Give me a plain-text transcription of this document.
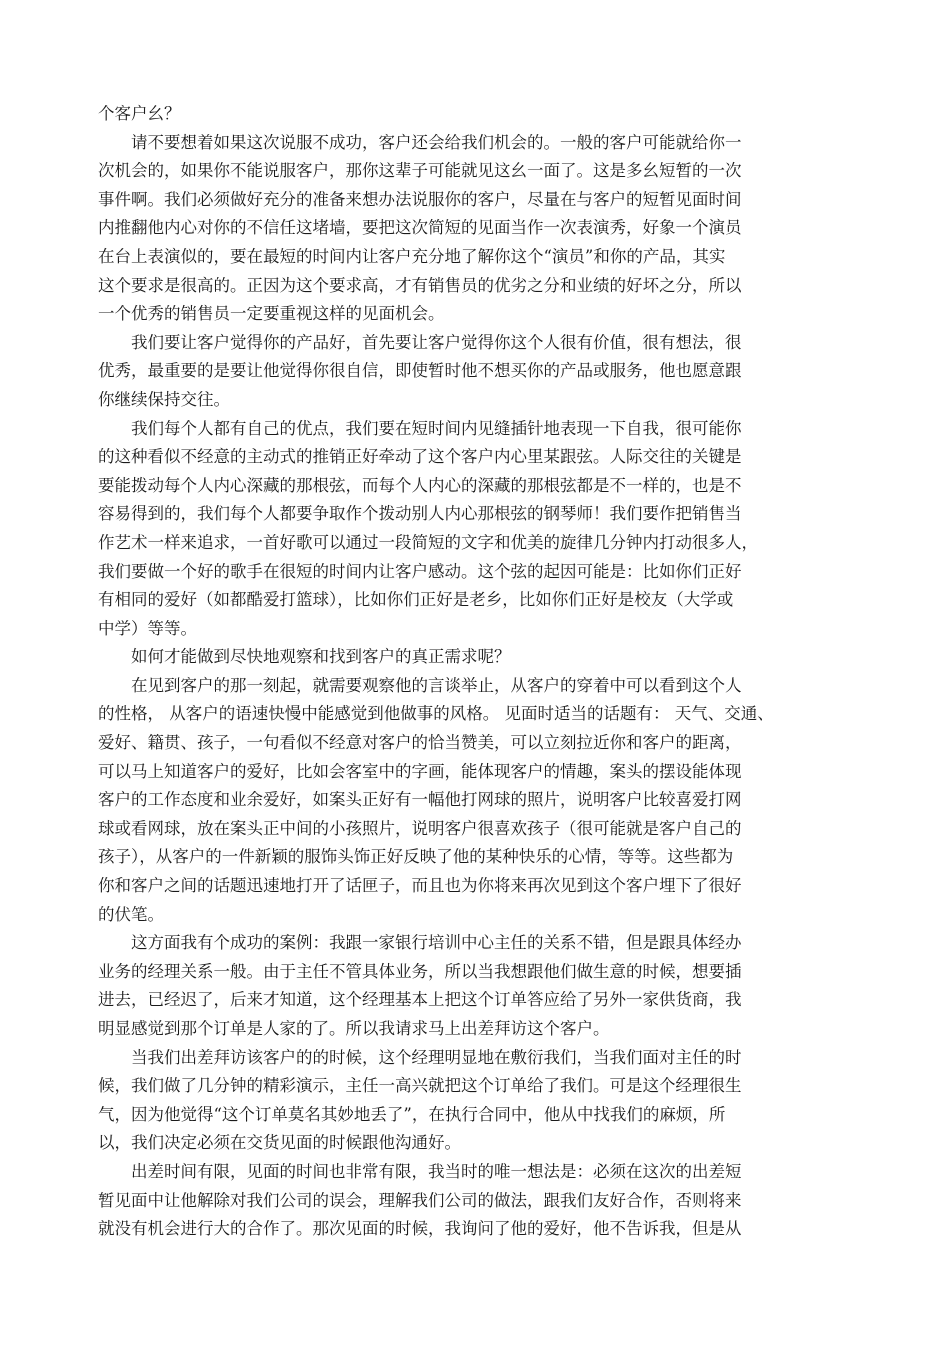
个客户幺？
　　请不要想着如果这次说服不成功，客户还会给我们机会的。一般的客户可能就给你一
次机会的，如果你不能说服客户，那你这辈子可能就见这幺一面了。这是多幺短暂的一次
事件啊。我们必须做好充分的准备来想办法说服你的客户，尽量在与客户的短暂见面时间
内推翻他内心对你的不信任这堵墙，要把这次简短的见面当作一次表演秀，好象一个演员
在台上表演似的，要在最短的时间内让客户充分地了解你这个“演员”和你的产品，其实
这个要求是很高的。正因为这个要求高，才有销售员的优劣之分和业绩的好坏之分，所以
一个优秀的销售员一定要重视这样的见面机会。
　　我们要让客户觉得你的产品好，首先要让客户觉得你这个人很有价值，很有想法，很
优秀，最重要的是要让他觉得你很自信，即使暂时他不想买你的产品或服务，他也愿意跟
你继续保持交往。
　　我们每个人都有自己的优点，我们要在短时间内见缝插针地表现一下自我，很可能你
的这种看似不经意的主动式的推销正好牵动了这个客户内心里某跟弦。人际交往的关键是
要能拨动每个人内心深藏的那根弦，而每个人内心的深藏的那根弦都是不一样的，也是不
容易得到的，我们每个人都要争取作个拨动别人内心那根弦的钢琴师！我们要作把销售当
作艺术一样来追求，一首好歌可以通过一段简短的文字和优美的旋律几分钟内打动很多人，
我们要做一个好的歌手在很短的时间内让客户感动。这个弦的起因可能是：比如你们正好
有相同的爱好（如都酷爱打篮球），比如你们正好是老乡，比如你们正好是校友（大学或
中学）等等。
　　如何才能做到尽快地观察和找到客户的真正需求呢？
　　在见到客户的那一刻起，就需要观察他的言谈举止，从客户的穿着中可以看到这个人
的性格， 从客户的语速快慢中能感觉到他做事的风格。 见面时适当的话题有： 天气、交通、
爱好、籍贯、孩子，一句看似不经意对客户的恰当赞美，可以立刻拉近你和客户的距离，
可以马上知道客户的爱好，比如会客室中的字画，能体现客户的情趣，案头的摆设能体现
客户的工作态度和业余爱好，如案头正好有一幅他打网球的照片，说明客户比较喜爱打网
球或看网球，放在案头正中间的小孩照片，说明客户很喜欢孩子（很可能就是客户自己的
孩子），从客户的一件新颖的服饰头饰正好反映了他的某种快乐的心情，等等。这些都为
你和客户之间的话题迅速地打开了话匣子，而且也为你将来再次见到这个客户埋下了很好
的伏笔。
　　这方面我有个成功的案例：我跟一家银行培训中心主任的关系不错，但是跟具体经办
业务的经理关系一般。由于主任不管具体业务，所以当我想跟他们做生意的时候，想要插
进去，已经迟了，后来才知道，这个经理基本上把这个订单答应给了另外一家供货商，我
明显感觉到那个订单是人家的了。所以我请求马上出差拜访这个客户。
　　当我们出差拜访该客户的的时候，这个经理明显地在敷衍我们，当我们面对主任的时
候，我们做了几分钟的精彩演示，主任一高兴就把这个订单给了我们。可是这个经理很生
气，因为他觉得“这个订单莫名其妙地丢了”，在执行合同中，他从中找我们的麻烦，所
以，我们决定必须在交货见面的时候跟他沟通好。
　　出差时间有限，见面的时间也非常有限，我当时的唯一想法是：必须在这次的出差短
暂见面中让他解除对我们公司的误会，理解我们公司的做法，跟我们友好合作，否则将来
就没有机会进行大的合作了。那次见面的时候，我询问了他的爱好，他不告诉我，但是从
